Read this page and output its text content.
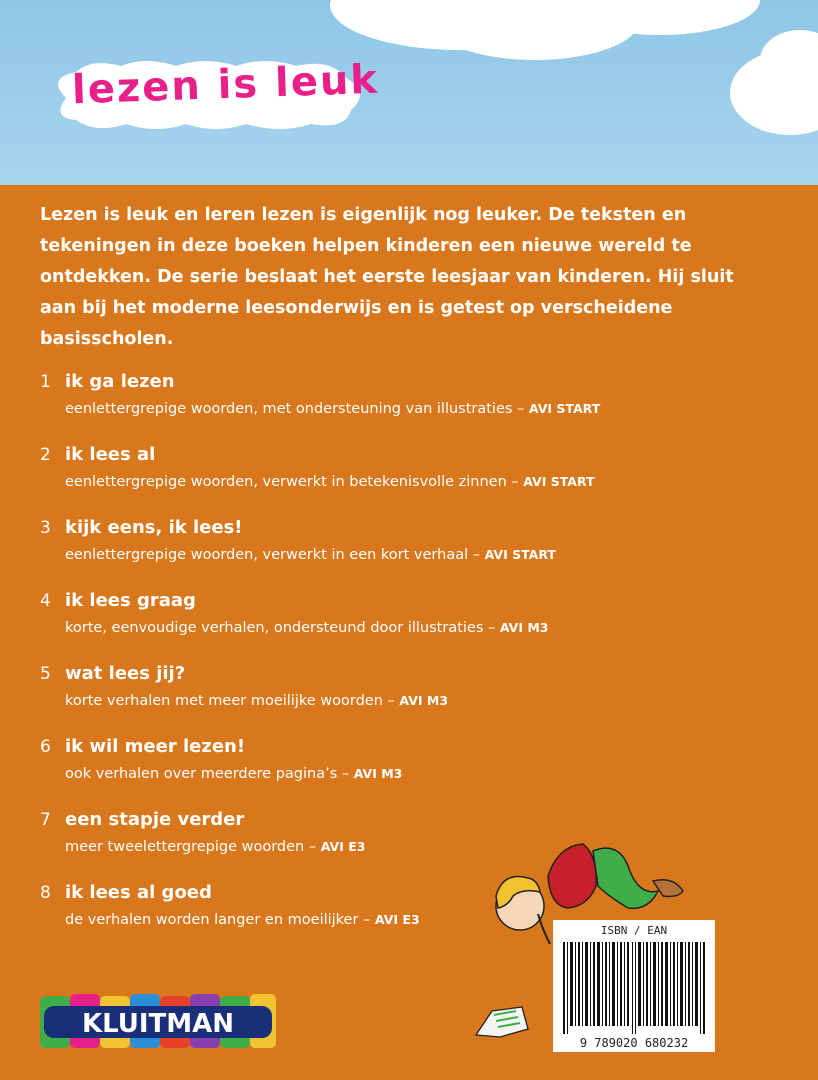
lezen is leuk
Lezen is leuk en leren lezen is eigenlijk nog leuker. De teksten en tekeningen in deze boeken helpen kinderen een nieuwe wereld te ontdekken. De serie beslaat het eerste leesjaar van kinderen. Hij sluit aan bij het moderne leesonderwijs en is getest op verscheidene basisscholen.
1 ik ga lezen
eenlettergrepige woorden, met ondersteuning van illustraties – AVI START
2 ik lees al
eenlettergrepige woorden, verwerkt in betekenisvolle zinnen – AVI START
3 kijk eens, ik lees!
eenlettergrepige woorden, verwerkt in een kort verhaal – AVI START
4 ik lees graag
korte, eenvoudige verhalen, ondersteund door illustraties – AVI M3
5 wat lees jij?
korte verhalen met meer moeilijke woorden – AVI M3
6 ik wil meer lezen!
ook verhalen over meerdere pagina’s – AVI M3
7 een stapje verder
meer tweelettergrepige woorden – AVI E3
8 ik lees al goed
de verhalen worden langer en moeilijker – AVI E3
KLUITMAN
ISBN / EAN
9 789020 680232
